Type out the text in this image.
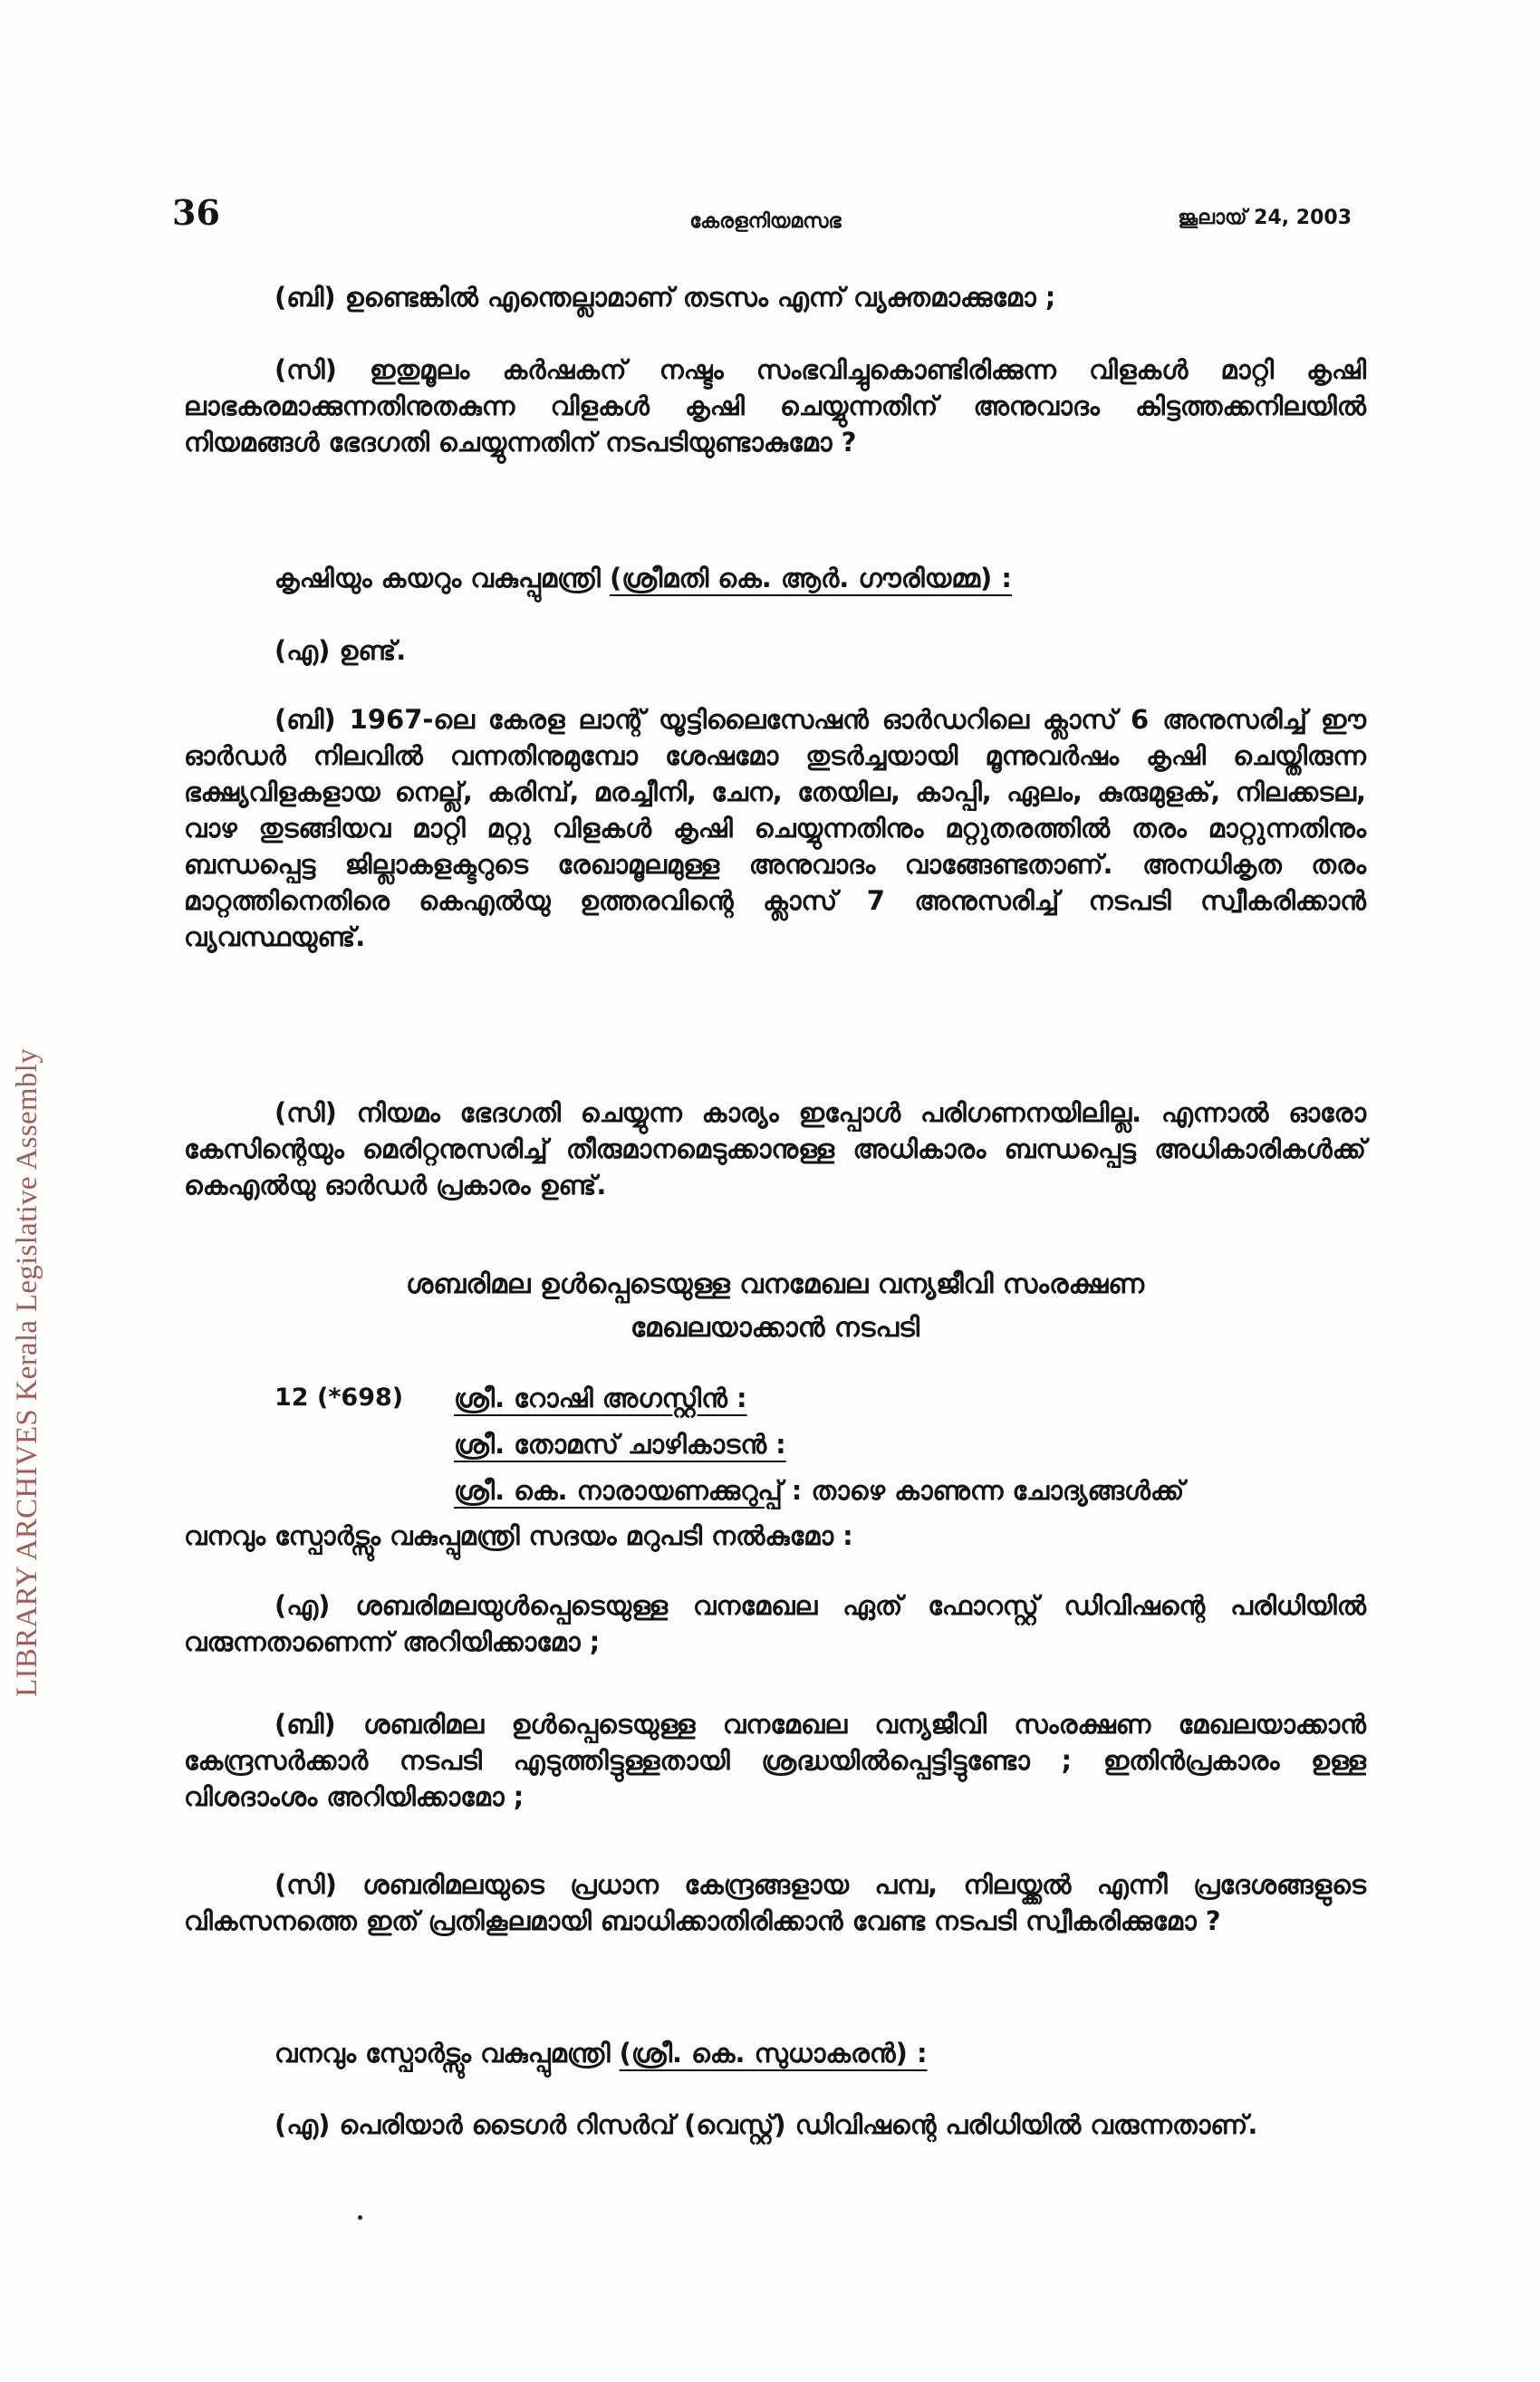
36	കേരളനിയമസഭ	ജൂലായ് 24, 2003
LIBRARY ARCHIVES Kerala Legislative Assembly

(ബി) ഉണ്ടെങ്കിൽ എന്തെല്ലാമാണ് തടസം എന്ന് വ്യക്തമാക്കുമോ ;

(സി) ഇതുമൂലം കർഷകന് നഷ്ടം സംഭവിച്ചുകൊണ്ടിരിക്കുന്ന വിളകൾ മാറ്റി കൃഷി ലാഭകരമാക്കുന്നതിനുതകുന്ന വിളകൾ കൃഷി ചെയ്യുന്നതിന് അനുവാദം കിട്ടത്തക്കനിലയിൽ നിയമങ്ങൾ ഭേദഗതി ചെയ്യുന്നതിന് നടപടിയുണ്ടാകുമോ ?

കൃഷിയും കയറും വകുപ്പുമന്ത്രി (ശ്രീമതി കെ. ആർ. ഗൗരിയമ്മ) :

(എ) ഉണ്ട്.

(ബി) 1967-ലെ കേരള ലാന്റ് യൂട്ടിലൈസേഷൻ ഓർഡറിലെ ക്ലാസ് 6 അനുസരിച്ച് ഈ ഓർഡർ നിലവിൽ വന്നതിനുമുമ്പോ ശേഷമോ തുടർച്ചയായി മൂന്നുവർഷം കൃഷി ചെയ്തിരുന്ന ഭക്ഷ്യവിളകളായ നെല്ല്, കരിമ്പ്, മരച്ചീനി, ചേന, തേയില, കാപ്പി, ഏലം, കുരുമുളക്, നിലക്കടല, വാഴ തുടങ്ങിയവ മാറ്റി മറ്റു വിളകൾ കൃഷി ചെയ്യുന്നതിനും മറ്റുതരത്തിൽ തരം മാറ്റുന്നതിനും ബന്ധപ്പെട്ട ജില്ലാകളക്ടറുടെ രേഖാമൂലമുള്ള അനുവാദം വാങ്ങേണ്ടതാണ്. അനധികൃത തരം മാറ്റത്തിനെതിരെ കെഎൽയു ഉത്തരവിന്റെ ക്ലാസ് 7 അനുസരിച്ച് നടപടി സ്വീകരിക്കാൻ വ്യവസ്ഥയുണ്ട്.

(സി) നിയമം ഭേദഗതി ചെയ്യുന്ന കാര്യം ഇപ്പോൾ പരിഗണനയിലില്ല. എന്നാൽ ഓരോ കേസിന്റെയും മെരിറ്റനുസരിച്ച് തീരുമാനമെടുക്കാനുള്ള അധികാരം ബന്ധപ്പെട്ട അധികാരികൾക്ക് കെഎൽയു ഓർഡർ പ്രകാരം ഉണ്ട്.

ശബരിമല ഉൾപ്പെടെയുള്ള വനമേഖല വന്യജീവി സംരക്ഷണ

മേഖലയാക്കാൻ നടപടി

12 (*698) ശ്രീ. റോഷി അഗസ്റ്റിൻ :
ശ്രീ. തോമസ് ചാഴികാടൻ :
ശ്രീ. കെ. നാരായണക്കുറുപ്പ് : താഴെ കാണുന്ന ചോദ്യങ്ങൾക്ക്

വനവും സ്പോർട്സും വകുപ്പുമന്ത്രി സദയം മറുപടി നൽകുമോ :

(എ) ശബരിമലയുൾപ്പെടെയുള്ള വനമേഖല ഏത് ഫോറസ്റ്റ് ഡിവിഷന്റെ പരിധിയിൽ വരുന്നതാണെന്ന് അറിയിക്കാമോ ;

(ബി) ശബരിമല ഉൾപ്പെടെയുള്ള വനമേഖല വന്യജീവി സംരക്ഷണ മേഖലയാക്കാൻ കേന്ദ്രസർക്കാർ നടപടി എടുത്തിട്ടുള്ളതായി ശ്രദ്ധയിൽപ്പെട്ടിട്ടുണ്ടോ ; ഇതിൻപ്രകാരം ഉള്ള വിശദാംശം അറിയിക്കാമോ ;

(സി) ശബരിമലയുടെ പ്രധാന കേന്ദ്രങ്ങളായ പമ്പ, നിലയ്ക്കൽ എന്നീ പ്രദേശങ്ങളുടെ വികസനത്തെ ഇത് പ്രതികൂലമായി ബാധിക്കാതിരിക്കാൻ വേണ്ട നടപടി സ്വീകരിക്കുമോ ?

വനവും സ്പോർട്സും വകുപ്പുമന്ത്രി (ശ്രീ. കെ. സുധാകരൻ) :

(എ) പെരിയാർ ടൈഗർ റിസർവ് (വെസ്റ്റ്) ഡിവിഷന്റെ പരിധിയിൽ വരുന്നതാണ്.
